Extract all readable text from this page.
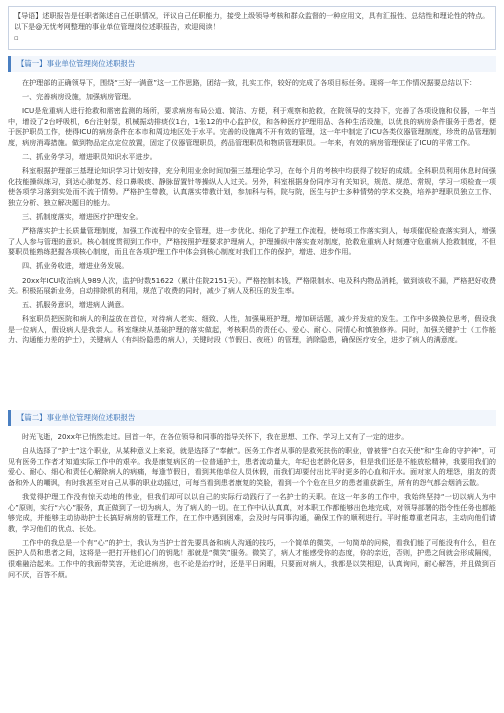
【导语】述职报告是任职者陈述自己任职情况，评议自己任职能力，接受上级领导考核和群众监督的一种应用文，具有汇报性、总结性和理论性的特点。以下是@无忧考网整理的事业单位管理岗位述职报告，欢迎阅读！
▫
【篇一】事业单位管理岗位述职报告

在护理部的正确领导下，围绕“三好一满意”这一工作思路，团结一致，扎实工作，较好的完成了各项目标任务。现将一年工作情况据要总结以下：

一、完善病房设施，加强病房管理。

ICU是危重病人进行抢救和需密监测的场所，要求病房布局公道、简洁、方便，利于观察和抢救，在院领导的支持下，完善了各项设施和仪器，一年当中，增设了2台呼吸机，6台注射泵，机械振动排痰仪1台，1张12的中心监护仪，和各种医疗护理用品、各种生活设施，以优良的病房条件服务于患者，便于医护职员工作，使得ICU的病房条件在本市和周边地区处于水平。完善的设施离不开有效的管理，这一年中制定了ICU各类仪器管理制度，珍贵的品管理制度，病房消毒措施。做到物品定点定位放置，固定了仪器管理职员，药品管理职员和物质管理职员。一年来，有效的病房管理保证了ICU的平常工作。

二、抓业务学习，增进职员知识水平进步。

科室根据护理部三基理论知识学习计划安排，充分利用业余时间加强三基理论学习，在每个月的考核中均获得了较好的成绩。全科职员利用休息时间强化技能操纵练习，到达心肺复苏、经口鼻吸痰、静脉留置针等操纵人人过关。另外，科室根据身份同序习有关知识，规范、规范、常规，学习一项检查一项使各项学习落到实处而不流于情势。严格护生带教，认真落实带教计划，参加科与科，院与院，医生与护士多种情势的学术交换，培养护理职员独立工作、独立分析、独立解决题目的能力。

三、抓制度落实，增进医疗护理安全。

严格落实护士长质量管理制度，加强工作流程中的安全管理，进一步优化、细化了护理工作流程，使每项工作落实到人，每项催促检查落实到人，增强了人人参与管理的意识。核心制度贯彻到工作中，严格按照护理要求护理病人，护理操纵中落实查对制度，抢救危重病人时刻遵守危重病人抢救制度，不但要职员能熟练把握各项核心制度，而且在各项护理工作中体会到核心制度对我们工作的保护，增进、进步作用。

四、抓业务收进，增进业务发展。

20xx年ICU收治病人989人次，监护时数51622（累计住院2151天）。严格控制本钱，严格限制水、电及科内物品消耗，做到该收不漏，严格把好收费关。积极拓展新业务，自动排除机的利用，规范了收费的同时，减少了病人及积压的发生率。

五、抓服务意识，增进病人满意。

科室职员把医院和病人的利益放在首位，对待病人老实、细致、人性，加强巢班护理，增加研话题，减少并发症的发生。工作中多做换位思考，假设我是一位病人，假设病人是我亲人。科室继续从基础护理的落实做起，考核职员的责任心、爱心、耐心、同情心和慎独修养。同时，加强关键护士（工作能力、沟通能力差的护士），关键病人（有纠纷隐患的病人），关键时段（节假日、夜班）的管理，消除隐患，确保医疗安全，进步了病人的满意度。

【篇二】事业单位管理岗位述职报告

时光飞逝，20xx年已悄然走过。回首一年，在各位领导和同事的指导关怀下，我在思想、工作、学习上又有了一定的进步。

自从选择了“护士”这个职业，从某种意义上来说，就是选择了“奉献”。医务工作者从事的是救死扶伤的职业，曾被誉“白衣天使”和“生命的守护神”，可见有医务工作者才知道实际工作中的艰辛。我是康复病区的一位普通护士，患者流动量大，年纪也老龄化居多，但是我们还是不能放松精神，我要用我们的爱心、耐心、细心和责任心解除病人的病痛，每逢节假日，看到其他单位人员休假，而我们却要付出比平时更多的心血和汗水。面对家人的埋怨，朋友的责备和外人的嘲讽，有时我甚至对自己从事的职业动摇过，可每当看到患者康复的笑脸，看到一个个危在旦夕的患者重获新生，所有的怨气都会烟消云散。

我觉得护理工作没有惊天动地的伟业，但我们却可以以自己的实际行动践行了一名护士的天职。在这一年多的工作中，我始终坚持“一切以病人为中心”原则，实行“六心”服务，真正做到了一切为病人，为了病人的一切。在工作中认认真真，对本职工作都能够出色地完成，对领导部署的指令性任务也都能够完成，并能够主动协助护士长搞好病房的管理工作，在工作中遇到困难，会及时与同事沟通，确保工作的顺利进行。平时能尊重老同志，主动向他们请教，学习他们的优点、长处。

工作中的我总是一个有“心”的护士，我认为当护士首先要具备和病人沟通的技巧，一个简单的微笑，一句简单的问候，看我们能了可能没有什么，但在医护人员和患者之间，这将是一把打开他们心门的钥匙！那就是“微笑”服务。微笑了，病人才能感受你的态度，你的亲近，否则，护患之间就会形成隔阂，很难融洽起来。工作中的我面带笑容，无论进病房，也不论是治疗时，还是平日闲暇，只要面对病人，我都是以笑相迎，认真询问，耐心解答，并且做到百问不厌，百答不烦。
